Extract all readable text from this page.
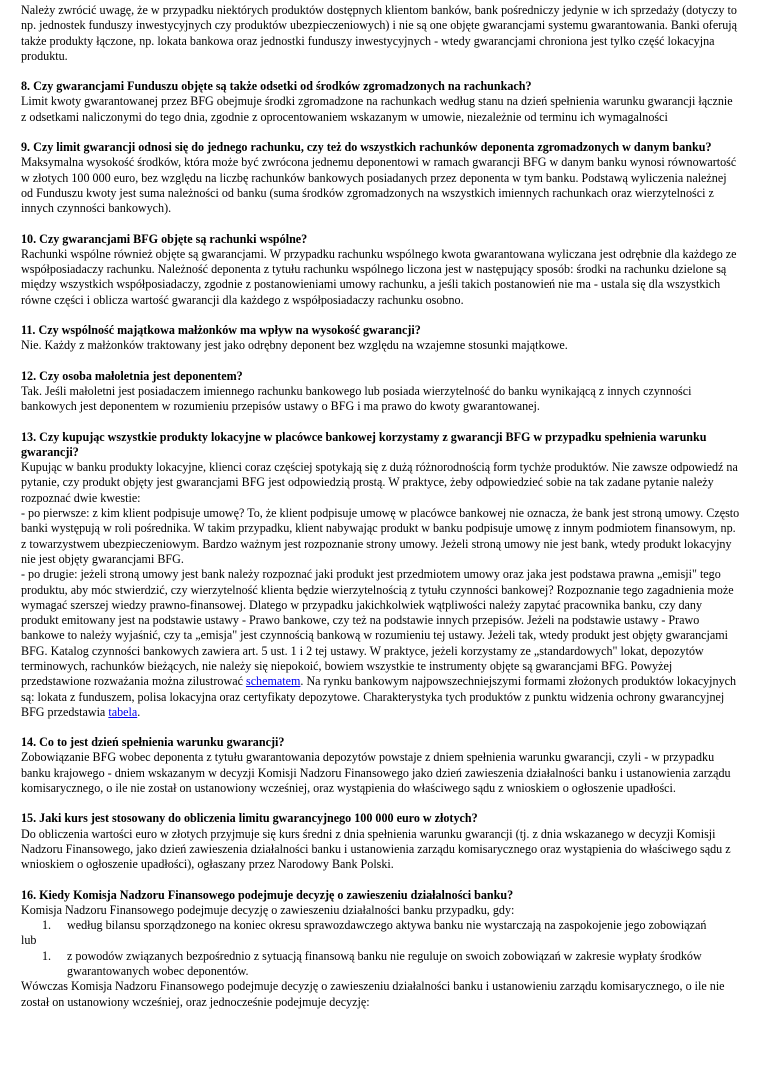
Należy zwrócić uwagę, że w przypadku niektórych produktów dostępnych klientom banków, bank pośredniczy jedynie w ich sprzedaży (dotyczy to np. jednostek funduszy inwestycyjnych czy produktów ubezpieczeniowych) i nie są one objęte gwarancjami systemu gwarantowania. Banki oferują także produkty łączone, np. lokata bankowa oraz jednostki funduszy inwestycyjnych - wtedy gwarancjami chroniona jest tylko część lokacyjna produktu.

8. Czy gwarancjami Funduszu objęte są także odsetki od środków zgromadzonych na rachunkach?

Limit kwoty gwarantowanej przez BFG obejmuje środki zgromadzone na rachunkach według stanu na dzień spełnienia warunku gwarancji łącznie z odsetkami naliczonymi do tego dnia, zgodnie z oprocentowaniem wskazanym w umowie, niezależnie od terminu ich wymagalności

9. Czy limit gwarancji odnosi się do jednego rachunku, czy też do wszystkich rachunków deponenta zgromadzonych w danym banku?

Maksymalna wysokość środków, która może być zwrócona jednemu deponentowi w ramach gwarancji BFG w danym banku wynosi równowartość w złotych 100 000 euro, bez względu na liczbę rachunków bankowych posiadanych przez deponenta w tym banku. Podstawą wyliczenia należnej od Funduszu kwoty jest suma należności od banku (suma środków zgromadzonych na wszystkich imiennych rachunkach oraz wierzytelności z innych czynności bankowych).

10. Czy gwarancjami BFG objęte są rachunki wspólne?

Rachunki wspólne również objęte są gwarancjami. W przypadku rachunku wspólnego kwota gwarantowana wyliczana jest odrębnie dla każdego ze współposiadaczy rachunku. Należność deponenta z tytułu rachunku wspólnego liczona jest w następujący sposób: środki na rachunku dzielone są między wszystkich współposiadaczy, zgodnie z postanowieniami umowy rachunku, a jeśli takich postanowień nie ma - ustala się dla wszystkich równe części i oblicza wartość gwarancji dla każdego z współposiadaczy rachunku osobno.

11. Czy wspólność majątkowa małżonków ma wpływ na wysokość gwarancji?

Nie. Każdy z małżonków traktowany jest jako odrębny deponent bez względu na wzajemne stosunki majątkowe.

12. Czy osoba małoletnia jest deponentem?

Tak. Jeśli małoletni jest posiadaczem imiennego rachunku bankowego lub posiada wierzytelność do banku wynikającą z innych czynności bankowych jest deponentem w rozumieniu przepisów ustawy o BFG i ma prawo do kwoty gwarantowanej.

13. Czy kupując wszystkie produkty lokacyjne w placówce bankowej korzystamy z gwarancji BFG w przypadku spełnienia warunku gwarancji?

Kupując w banku produkty lokacyjne, klienci coraz częściej spotykają się z dużą różnorodnością form tychże produktów. Nie zawsze odpowiedź na pytanie, czy produkt objęty jest gwarancjami BFG jest odpowiedzią prostą. W praktyce, żeby odpowiedzieć sobie na tak zadane pytanie należy rozpoznać dwie kwestie:

- po pierwsze: z kim klient podpisuje umowę? To, że klient podpisuje umowę w placówce bankowej nie oznacza, że bank jest stroną umowy. Często banki występują w roli pośrednika. W takim przypadku, klient nabywając produkt w banku podpisuje umowę z innym podmiotem finansowym, np. z towarzystwem ubezpieczeniowym. Bardzo ważnym jest rozpoznanie strony umowy. Jeżeli stroną umowy nie jest bank, wtedy produkt lokacyjny nie jest objęty gwarancjami BFG.

- po drugie: jeżeli stroną umowy jest bank należy rozpoznać jaki produkt jest przedmiotem umowy oraz jaka jest podstawa prawna „emisji" tego produktu, aby móc stwierdzić, czy wierzytelność klienta będzie wierzytelnością z tytułu czynności bankowej? Rozpoznanie tego zagadnienia może wymagać szerszej wiedzy prawno-finansowej. Dlatego w przypadku jakichkolwiek wątpliwości należy zapytać pracownika banku, czy dany produkt emitowany jest na podstawie ustawy - Prawo bankowe, czy też na podstawie innych przepisów. Jeżeli na podstawie ustawy - Prawo bankowe to należy wyjaśnić, czy ta „emisja" jest czynnością bankową w rozumieniu tej ustawy. Jeżeli tak, wtedy produkt jest objęty gwarancjami BFG. Katalog czynności bankowych zawiera art. 5 ust. 1 i 2 tej ustawy. W praktyce, jeżeli korzystamy ze „standardowych" lokat, depozytów terminowych, rachunków bieżących, nie należy się niepokoić, bowiem wszystkie te instrumenty objęte są gwarancjami BFG. Powyżej przedstawione rozważania można zilustrować schematem. Na rynku bankowym najpowszechniejszymi formami złożonych produktów lokacyjnych są: lokata z funduszem, polisa lokacyjna oraz certyfikaty depozytowe. Charakterystyka tych produktów z punktu widzenia ochrony gwarancyjnej BFG przedstawia tabela.

14. Co to jest dzień spełnienia warunku gwarancji?

Zobowiązanie BFG wobec deponenta z tytułu gwarantowania depozytów powstaje z dniem spełnienia warunku gwarancji, czyli - w przypadku banku krajowego - dniem wskazanym w decyzji Komisji Nadzoru Finansowego jako dzień zawieszenia działalności banku i ustanowienia zarządu komisarycznego, o ile nie został on ustanowiony wcześniej, oraz wystąpienia do właściwego sądu z wnioskiem o ogłoszenie upadłości.

15. Jaki kurs jest stosowany do obliczenia limitu gwarancyjnego 100 000 euro w złotych?

Do obliczenia wartości euro w złotych przyjmuje się kurs średni z dnia spełnienia warunku gwarancji (tj. z dnia wskazanego w decyzji Komisji Nadzoru Finansowego, jako dzień zawieszenia działalności banku i ustanowienia zarządu komisarycznego oraz wystąpienia do właściwego sądu z wnioskiem o ogłoszenie upadłości), ogłaszany przez Narodowy Bank Polski.

16. Kiedy Komisja Nadzoru Finansowego podejmuje decyzję o zawieszeniu działalności banku?

Komisja Nadzoru Finansowego podejmuje decyzję o zawieszeniu działalności banku przypadku, gdy:

1. według bilansu sporządzonego na koniec okresu sprawozdawczego aktywa banku nie wystarczają na zaspokojenie jego zobowiązań

lub

1. z powodów związanych bezpośrednio z sytuacją finansową banku nie reguluje on swoich zobowiązań w zakresie wypłaty środków gwarantowanych wobec deponentów.

Wówczas Komisja Nadzoru Finansowego podejmuje decyzję o zawieszeniu działalności banku i ustanowieniu zarządu komisarycznego, o ile nie został on ustanowiony wcześniej, oraz jednocześnie podejmuje decyzję:
